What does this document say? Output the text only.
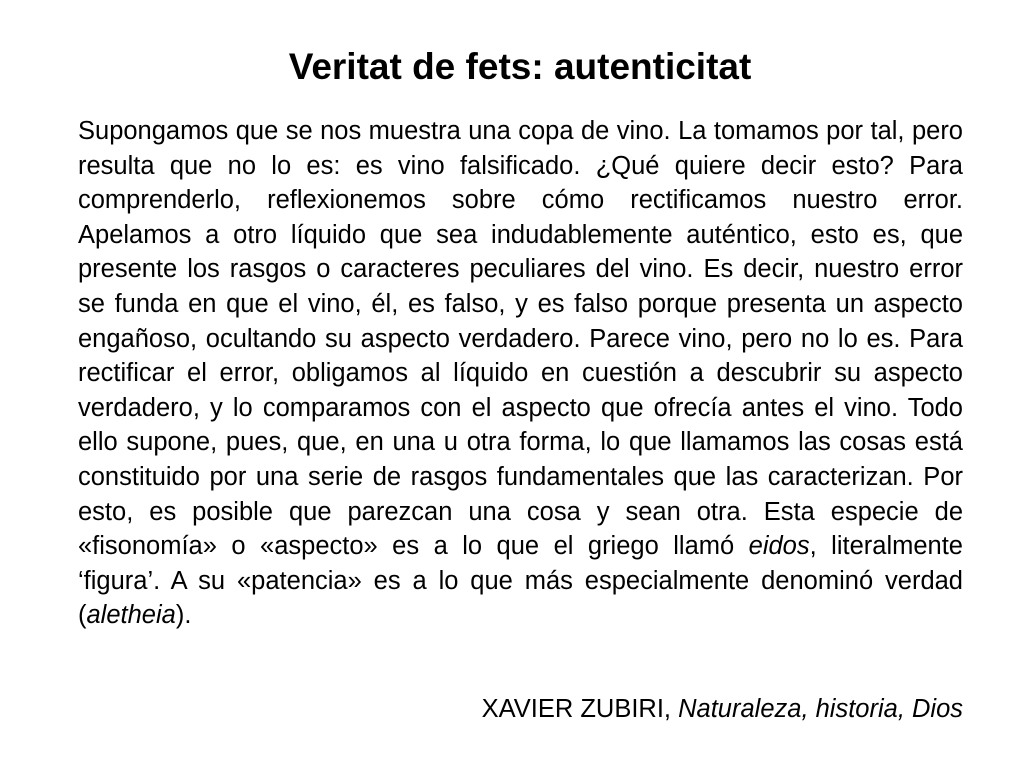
Veritat de fets: autenticitat

Supongamos que se nos muestra una copa de vino. La tomamos por tal, pero resulta que no lo es: es vino falsificado. ¿Qué quiere decir esto? Para comprenderlo, reflexionemos sobre cómo rectificamos nuestro error. Apelamos a otro líquido que sea indudablemente auténtico, esto es, que presente los rasgos o caracteres peculiares del vino. Es decir, nuestro error se funda en que el vino, él, es falso, y es falso porque presenta un aspecto engañoso, ocultando su aspecto verdadero. Parece vino, pero no lo es. Para rectificar el error, obligamos al líquido en cuestión a descubrir su aspecto verdadero, y lo comparamos con el aspecto que ofrecía antes el vino. Todo ello supone, pues, que, en una u otra forma, lo que llamamos las cosas está constituido por una serie de rasgos fundamentales que las caracterizan. Por esto, es posible que parezcan una cosa y sean otra. Esta especie de «fisonomía» o «aspecto» es a lo que el griego llamó eidos, literalmente ‘figura’. A su «patencia» es a lo que más especialmente denominó verdad (aletheia).

XAVIER ZUBIRI, Naturaleza, historia, Dios
